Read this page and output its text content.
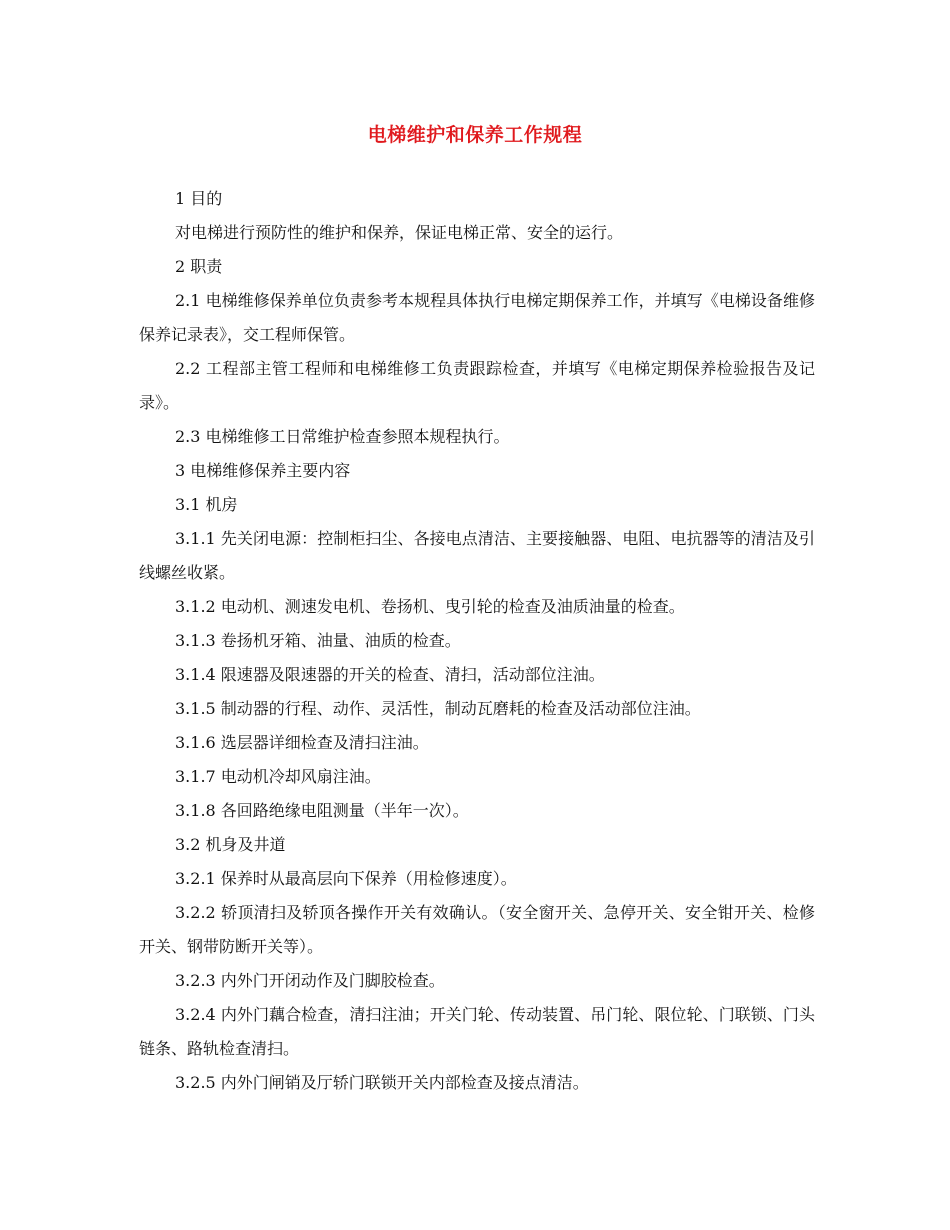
电梯维护和保养工作规程

1 目的

对电梯进行预防性的维护和保养，保证电梯正常、安全的运行。

2 职责

2.1 电梯维修保养单位负责参考本规程具体执行电梯定期保养工作，并填写《电梯设备维修保养记录表》，交工程师保管。

2.2 工程部主管工程师和电梯维修工负责跟踪检查，并填写《电梯定期保养检验报告及记录》。

2.3 电梯维修工日常维护检查参照本规程执行。

3 电梯维修保养主要内容

3.1 机房

3.1.1 先关闭电源：控制柜扫尘、各接电点清洁、主要接触器、电阻、电抗器等的清洁及引线螺丝收紧。

3.1.2 电动机、测速发电机、卷扬机、曳引轮的检查及油质油量的检查。

3.1.3 卷扬机牙箱、油量、油质的检查。

3.1.4 限速器及限速器的开关的检查、清扫，活动部位注油。

3.1.5 制动器的行程、动作、灵活性，制动瓦磨耗的检查及活动部位注油。

3.1.6 选层器详细检查及清扫注油。

3.1.7 电动机冷却风扇注油。

3.1.8 各回路绝缘电阻测量（半年一次）。

3.2 机身及井道

3.2.1 保养时从最高层向下保养（用检修速度）。

3.2.2 轿顶清扫及轿顶各操作开关有效确认。（安全窗开关、急停开关、安全钳开关、检修开关、钢带防断开关等）。

3.2.3 内外门开闭动作及门脚胶检查。

3.2.4 内外门藕合检查，清扫注油；开关门轮、传动装置、吊门轮、限位轮、门联锁、门头链条、路轨检查清扫。

3.2.5 内外门闸销及厅轿门联锁开关内部检查及接点清洁。
